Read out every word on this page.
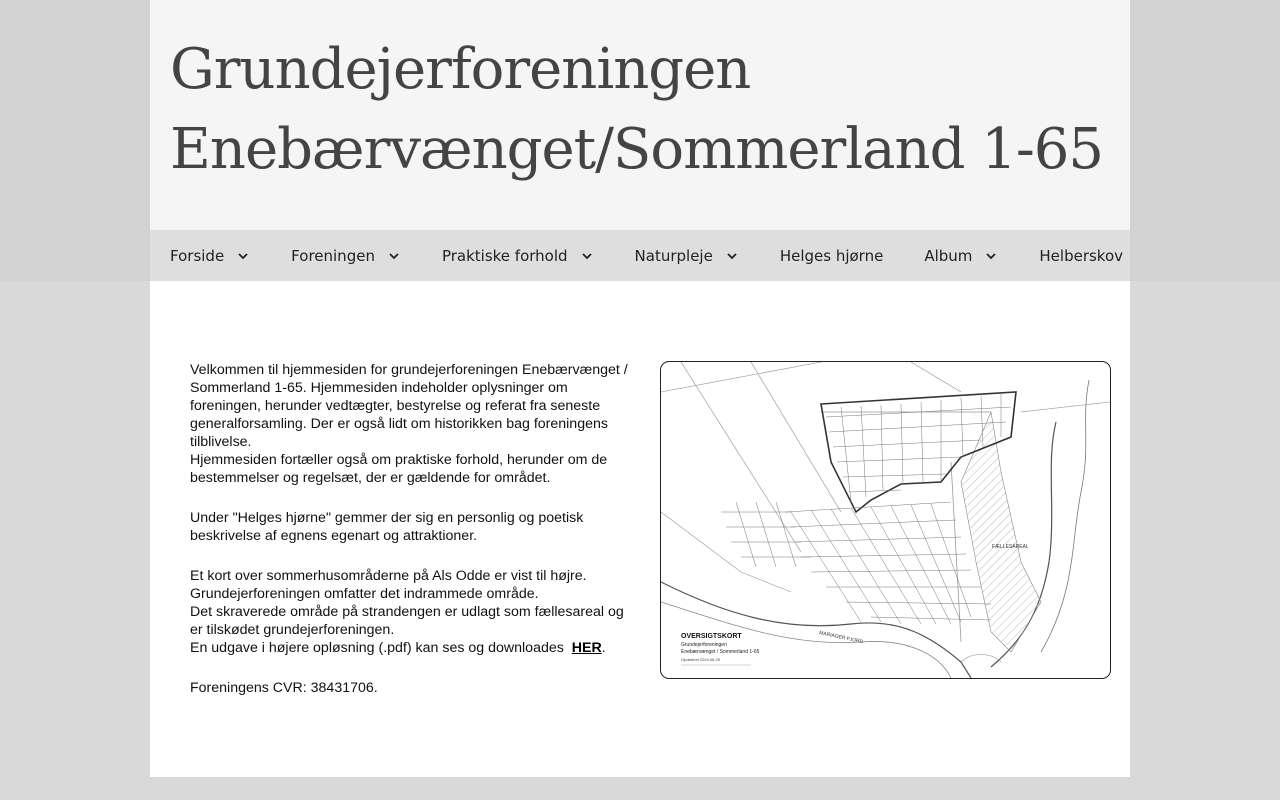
Grundejerforeningen
Enebærvænget/Sommerland 1-65
Forside	Foreningen	Praktiske forhold	Naturpleje	Helges hjørne	Album	Helberskov

Velkommen til hjemmesiden for grundejerforeningen Enebærvænget / Sommerland 1-65. Hjemmesiden indeholder oplysninger om foreningen, herunder vedtægter, bestyrelse og referat fra seneste generalforsamling. Der er også lidt om historikken bag foreningens tilblivelse.
Hjemmesiden fortæller også om praktiske forhold, herunder om de bestemmelser og regelsæt, der er gældende for området.

Under "Helges hjørne" gemmer der sig en personlig og poetisk beskrivelse af egnens egenart og attraktioner.

Et kort over sommerhusområderne på Als Odde er vist til højre.
Grundejerforeningen omfatter det indrammede område.
Det skraverede område på strandengen er udlagt som fællesareal og er tilskødet grundejerforeningen.
En udgave i højere opløsning (.pdf) kan ses og downloades HER.

Foreningens CVR: 38431706.

FÆLLESAREAL
MARIAGER FJORD
OVERSIGTSKORT
Grundejerforeningen
Enebærvænget / Sommerland 1-65
Opdateret 2024.06.25
